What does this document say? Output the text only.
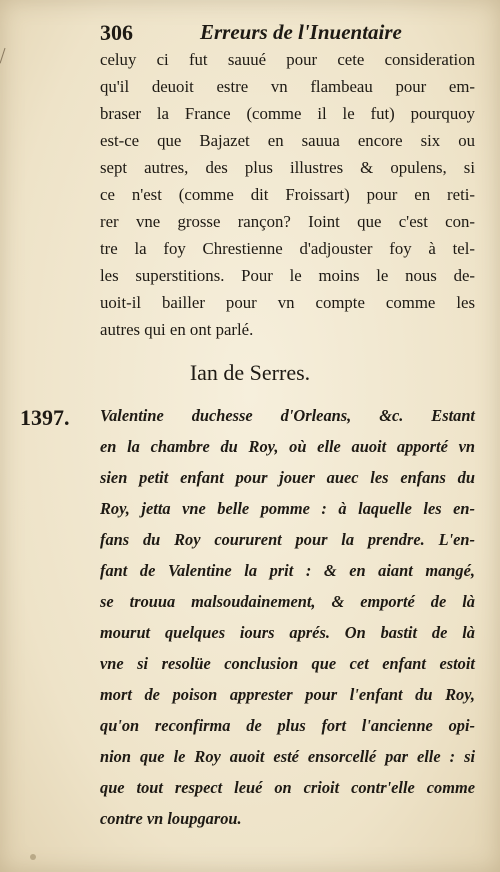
306	Erreurs de l'Inuentaire
celuy ci fut sauué pour cete consideration
qu'il deuoit estre vn flambeau pour em-
braser la France (comme il le fut) pourquoy
est-ce que Bajazet en sauua encore six ou
sept autres, des plus illustres & opulens, si
ce n'est (comme dit Froissart) pour en reti-
rer vne grosse rançon? Ioint que c'est con-
tre la foy Chrestienne d'adjouster foy à tel-
les superstitions. Pour le moins le nous de-
uoit-il bailler pour vn compte comme les
autres qui en ont parlé.
Ian de Serres.
1397. Valentine duchesse d'Orleans, &c. Estant
en la chambre du Roy, où elle auoit apporté vn
sien petit enfant pour jouer auec les enfans du
Roy, jetta vne belle pomme : à laquelle les en-
fans du Roy coururent pour la prendre. L'en-
fant de Valentine la prit : & en aiant mangé,
se trouua malsoudainement, & emporté de là
mourut quelques iours aprés. On bastit de là
vne si resolüe conclusion que cet enfant estoit
mort de poison apprester pour l'enfant du Roy,
qu'on reconfirma de plus fort l'ancienne opi-
nion que le Roy auoit esté ensorcellé par elle : si
que tout respect leué on crioit contr'elle comme
contre vn loupgarou.
